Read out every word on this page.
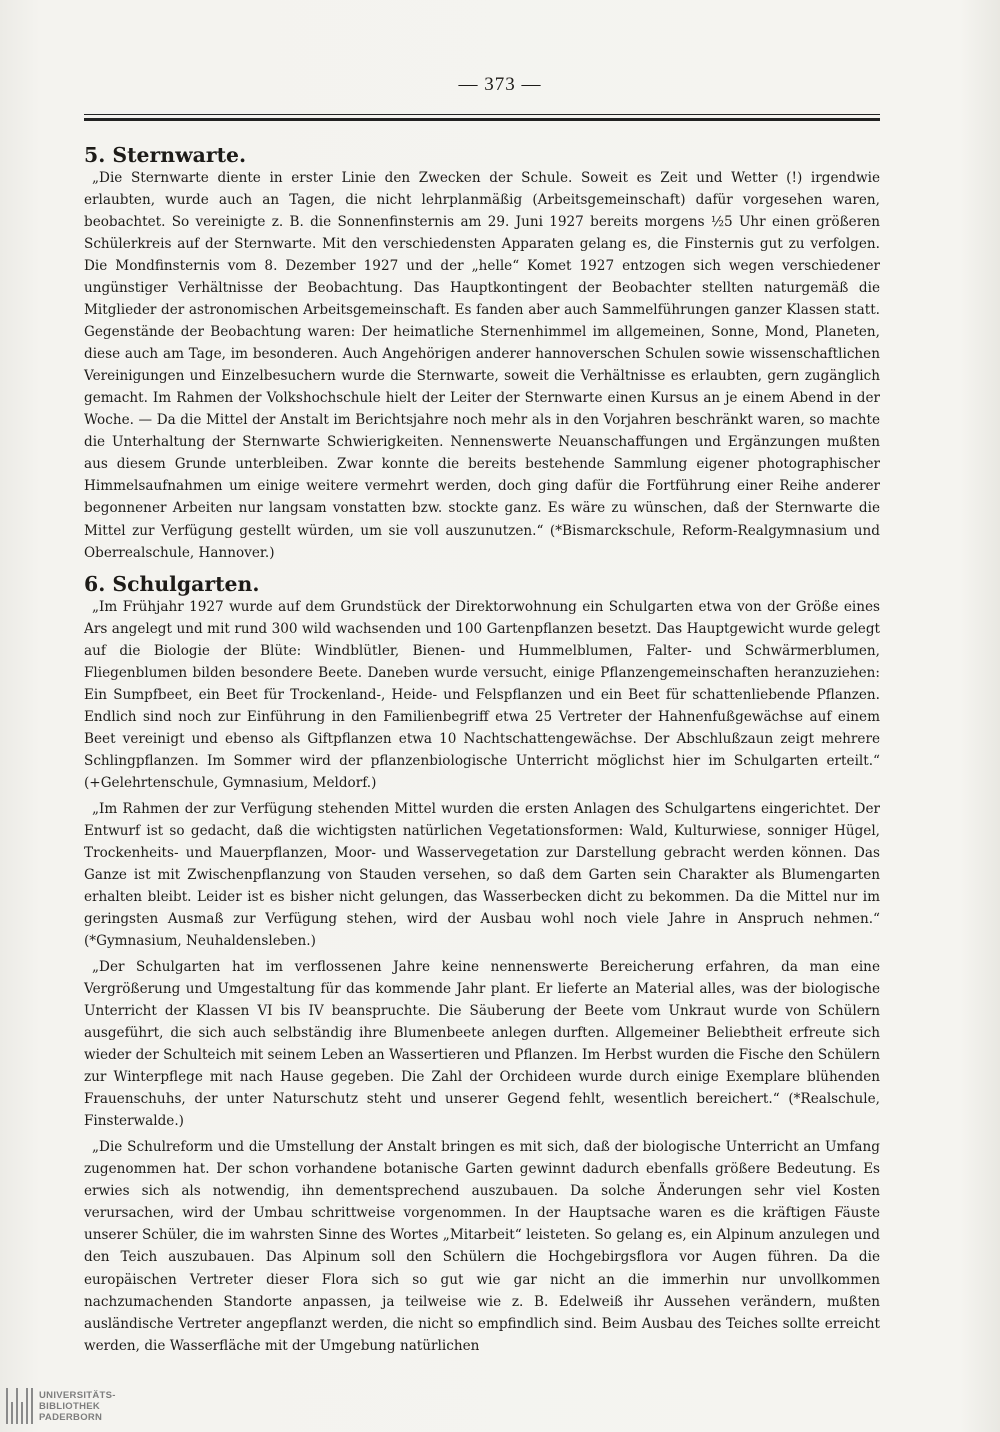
— 373 —
5. Sternwarte.

„Die Sternwarte diente in erster Linie den Zwecken der Schule. Soweit es Zeit und Wetter (!) irgendwie erlaubten, wurde auch an Tagen, die nicht lehrplanmäßig (Arbeitsgemeinschaft) dafür vorgesehen waren, beobachtet. So vereinigte z. B. die Sonnenfinsternis am 29. Juni 1927 bereits morgens ½5 Uhr einen größeren Schülerkreis auf der Sternwarte. Mit den verschiedensten Apparaten gelang es, die Finsternis gut zu verfolgen. Die Mondfinsternis vom 8. Dezember 1927 und der „helle“ Komet 1927 entzogen sich wegen verschiedener ungünstiger Verhältnisse der Beobachtung. Das Hauptkontingent der Beobachter stellten naturgemäß die Mitglieder der astronomischen Arbeitsgemeinschaft. Es fanden aber auch Sammelführungen ganzer Klassen statt. Gegenstände der Beobachtung waren: Der heimatliche Sternenhimmel im allgemeinen, Sonne, Mond, Planeten, diese auch am Tage, im besonderen. Auch Angehörigen anderer hannoverschen Schulen sowie wissenschaftlichen Vereinigungen und Einzelbesuchern wurde die Sternwarte, soweit die Verhältnisse es erlaubten, gern zugänglich gemacht. Im Rahmen der Volkshochschule hielt der Leiter der Sternwarte einen Kursus an je einem Abend in der Woche. — Da die Mittel der Anstalt im Berichtsjahre noch mehr als in den Vorjahren beschränkt waren, so machte die Unterhaltung der Sternwarte Schwierigkeiten. Nennenswerte Neuanschaffungen und Ergänzungen mußten aus diesem Grunde unterbleiben. Zwar konnte die bereits bestehende Sammlung eigener photographischer Himmelsaufnahmen um einige weitere vermehrt werden, doch ging dafür die Fortführung einer Reihe anderer begonnener Arbeiten nur langsam vonstatten bzw. stockte ganz. Es wäre zu wünschen, daß der Sternwarte die Mittel zur Verfügung gestellt würden, um sie voll auszunutzen.“ (*Bismarckschule, Reform-Realgymnasium und Oberrealschule, Hannover.)

6. Schulgarten.

„Im Frühjahr 1927 wurde auf dem Grundstück der Direktorwohnung ein Schulgarten etwa von der Größe eines Ars angelegt und mit rund 300 wild wachsenden und 100 Gartenpflanzen besetzt. Das Hauptgewicht wurde gelegt auf die Biologie der Blüte: Windblütler, Bienen- und Hummelblumen, Falter- und Schwärmerblumen, Fliegenblumen bilden besondere Beete. Daneben wurde versucht, einige Pflanzengemeinschaften heranzuziehen: Ein Sumpfbeet, ein Beet für Trockenland-, Heide- und Felspflanzen und ein Beet für schattenliebende Pflanzen. Endlich sind noch zur Einführung in den Familienbegriff etwa 25 Vertreter der Hahnenfußgewächse auf einem Beet vereinigt und ebenso als Giftpflanzen etwa 10 Nachtschattengewächse. Der Abschlußzaun zeigt mehrere Schlingpflanzen. Im Sommer wird der pflanzenbiologische Unterricht möglichst hier im Schulgarten erteilt.“ (+Gelehrtenschule, Gymnasium, Meldorf.)

„Im Rahmen der zur Verfügung stehenden Mittel wurden die ersten Anlagen des Schulgartens eingerichtet. Der Entwurf ist so gedacht, daß die wichtigsten natürlichen Vegetationsformen: Wald, Kulturwiese, sonniger Hügel, Trockenheits- und Mauerpflanzen, Moor- und Wasservegetation zur Darstellung gebracht werden können. Das Ganze ist mit Zwischenpflanzung von Stauden versehen, so daß dem Garten sein Charakter als Blumengarten erhalten bleibt. Leider ist es bisher nicht gelungen, das Wasserbecken dicht zu bekommen. Da die Mittel nur im geringsten Ausmaß zur Verfügung stehen, wird der Ausbau wohl noch viele Jahre in Anspruch nehmen.“ (*Gymnasium, Neuhaldensleben.)

„Der Schulgarten hat im verflossenen Jahre keine nennenswerte Bereicherung erfahren, da man eine Vergrößerung und Umgestaltung für das kommende Jahr plant. Er lieferte an Material alles, was der biologische Unterricht der Klassen VI bis IV beanspruchte. Die Säuberung der Beete vom Unkraut wurde von Schülern ausgeführt, die sich auch selbständig ihre Blumenbeete anlegen durften. Allgemeiner Beliebtheit erfreute sich wieder der Schulteich mit seinem Leben an Wassertieren und Pflanzen. Im Herbst wurden die Fische den Schülern zur Winterpflege mit nach Hause gegeben. Die Zahl der Orchideen wurde durch einige Exemplare blühenden Frauenschuhs, der unter Naturschutz steht und unserer Gegend fehlt, wesentlich bereichert.“ (*Realschule, Finsterwalde.)

„Die Schulreform und die Umstellung der Anstalt bringen es mit sich, daß der biologische Unterricht an Umfang zugenommen hat. Der schon vorhandene botanische Garten gewinnt dadurch ebenfalls größere Bedeutung. Es erwies sich als notwendig, ihn dementsprechend auszubauen. Da solche Änderungen sehr viel Kosten verursachen, wird der Umbau schrittweise vorgenommen. In der Hauptsache waren es die kräftigen Fäuste unserer Schüler, die im wahrsten Sinne des Wortes „Mitarbeit“ leisteten. So gelang es, ein Alpinum anzulegen und den Teich auszubauen. Das Alpinum soll den Schülern die Hochgebirgsflora vor Augen führen. Da die europäischen Vertreter dieser Flora sich so gut wie gar nicht an die immerhin nur unvollkommen nachzumachenden Standorte anpassen, ja teilweise wie z. B. Edelweiß ihr Aussehen verändern, mußten ausländische Vertreter angepflanzt werden, die nicht so empfindlich sind. Beim Ausbau des Teiches sollte erreicht werden, die Wasserfläche mit der Umgebung natürlichen

UNIVERSITÄTS-
BIBLIOTHEK
PADERBORN
